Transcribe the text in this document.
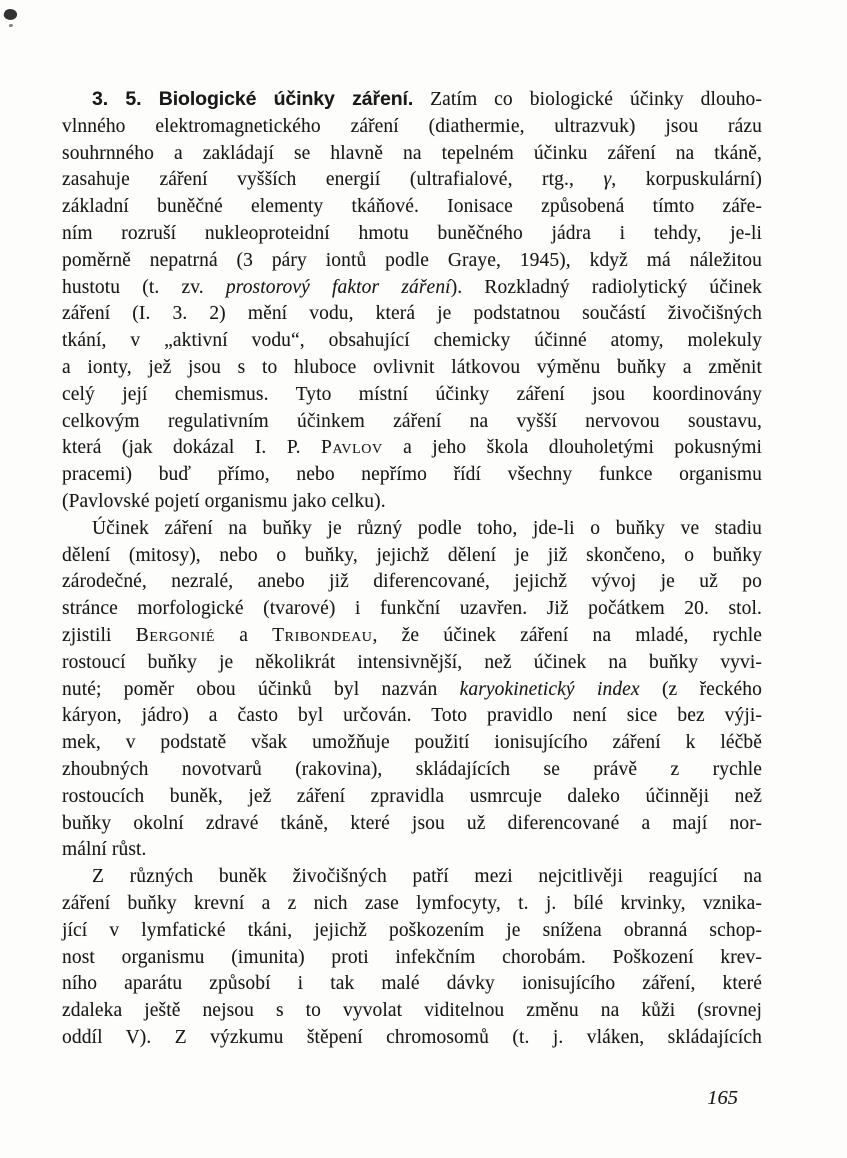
3. 5. Biologické účinky záření. Zatím co biologické účinky dlouho-
vlnného elektromagnetického záření (diathermie, ultrazvuk) jsou rázu
souhrnného a zakládají se hlavně na tepelném účinku záření na tkáně,
zasahuje záření vyšších energií (ultrafialové, rtg., γ, korpuskulární)
základní buněčné elementy tkáňové. Ionisace způsobená tímto záře-
ním rozruší nukleoproteidní hmotu buněčného jádra i tehdy, je-li
poměrně nepatrná (3 páry iontů podle Graye, 1945), když má náležitou
hustotu (t. zv. prostorový faktor záření). Rozkladný radiolytický účinek
záření (I. 3. 2) mění vodu, která je podstatnou součástí živočišných
tkání, v „aktivní vodu“, obsahující chemicky účinné atomy, molekuly
a ionty, jež jsou s to hluboce ovlivnit látkovou výměnu buňky a změnit
celý její chemismus. Tyto místní účinky záření jsou koordinovány
celkovým regulativním účinkem záření na vyšší nervovou soustavu,
která (jak dokázal I. P. Pavlov a jeho škola dlouholetými pokusnými
pracemi) buď přímo, nebo nepřímo řídí všechny funkce organismu
(Pavlovské pojetí organismu jako celku).
Účinek záření na buňky je různý podle toho, jde-li o buňky ve stadiu
dělení (mitosy), nebo o buňky, jejichž dělení je již skončeno, o buňky
zárodečné, nezralé, anebo již diferencované, jejichž vývoj je už po
stránce morfologické (tvarové) i funkční uzavřen. Již počátkem 20. stol.
zjistili Bergonié a Tribondeau, že účinek záření na mladé, rychle
rostoucí buňky je několikrát intensivnější, než účinek na buňky vyvi-
nuté; poměr obou účinků byl nazván karyokinetický index (z řeckého
káryon, jádro) a často byl určován. Toto pravidlo není sice bez výji-
mek, v podstatě však umožňuje použití ionisujícího záření k léčbě
zhoubných novotvarů (rakovina), skládajících se právě z rychle
rostoucích buněk, jež záření zpravidla usmrcuje daleko účinněji než
buňky okolní zdravé tkáně, které jsou už diferencované a mají nor-
mální růst.
Z různých buněk živočišných patří mezi nejcitlivěji reagující na
záření buňky krevní a z nich zase lymfocyty, t. j. bílé krvinky, vznika-
jící v lymfatické tkáni, jejichž poškozením je snížena obranná schop-
nost organismu (imunita) proti infekčním chorobám. Poškození krev-
ního aparátu způsobí i tak malé dávky ionisujícího záření, které
zdaleka ještě nejsou s to vyvolat viditelnou změnu na kůži (srovnej
oddíl V). Z výzkumu štěpení chromosomů (t. j. vláken, skládajících
165
